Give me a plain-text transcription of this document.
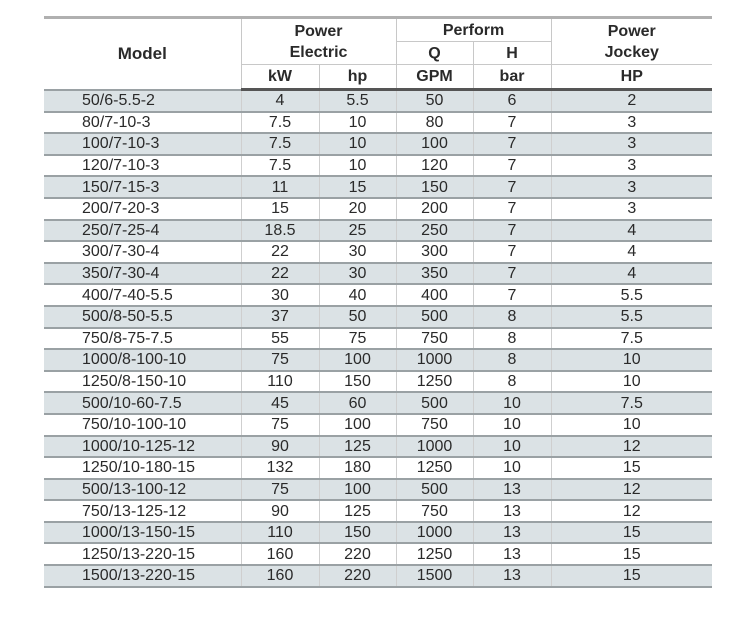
Model	Power Electric		Perform		Power Jockey
			Q	H	
	kW	hp	GPM	bar	HP
50/6-5.5-2	4	5.5	50	6	2
80/7-10-3	7.5	10	80	7	3
100/7-10-3	7.5	10	100	7	3
120/7-10-3	7.5	10	120	7	3
150/7-15-3	11	15	150	7	3
200/7-20-3	15	20	200	7	3
250/7-25-4	18.5	25	250	7	4
300/7-30-4	22	30	300	7	4
350/7-30-4	22	30	350	7	4
400/7-40-5.5	30	40	400	7	5.5
500/8-50-5.5	37	50	500	8	5.5
750/8-75-7.5	55	75	750	8	7.5
1000/8-100-10	75	100	1000	8	10
1250/8-150-10	110	150	1250	8	10
500/10-60-7.5	45	60	500	10	7.5
750/10-100-10	75	100	750	10	10
1000/10-125-12	90	125	1000	10	12
1250/10-180-15	132	180	1250	10	15
500/13-100-12	75	100	500	13	12
750/13-125-12	90	125	750	13	12
1000/13-150-15	110	150	1000	13	15
1250/13-220-15	160	220	1250	13	15
1500/13-220-15	160	220	1500	13	15
